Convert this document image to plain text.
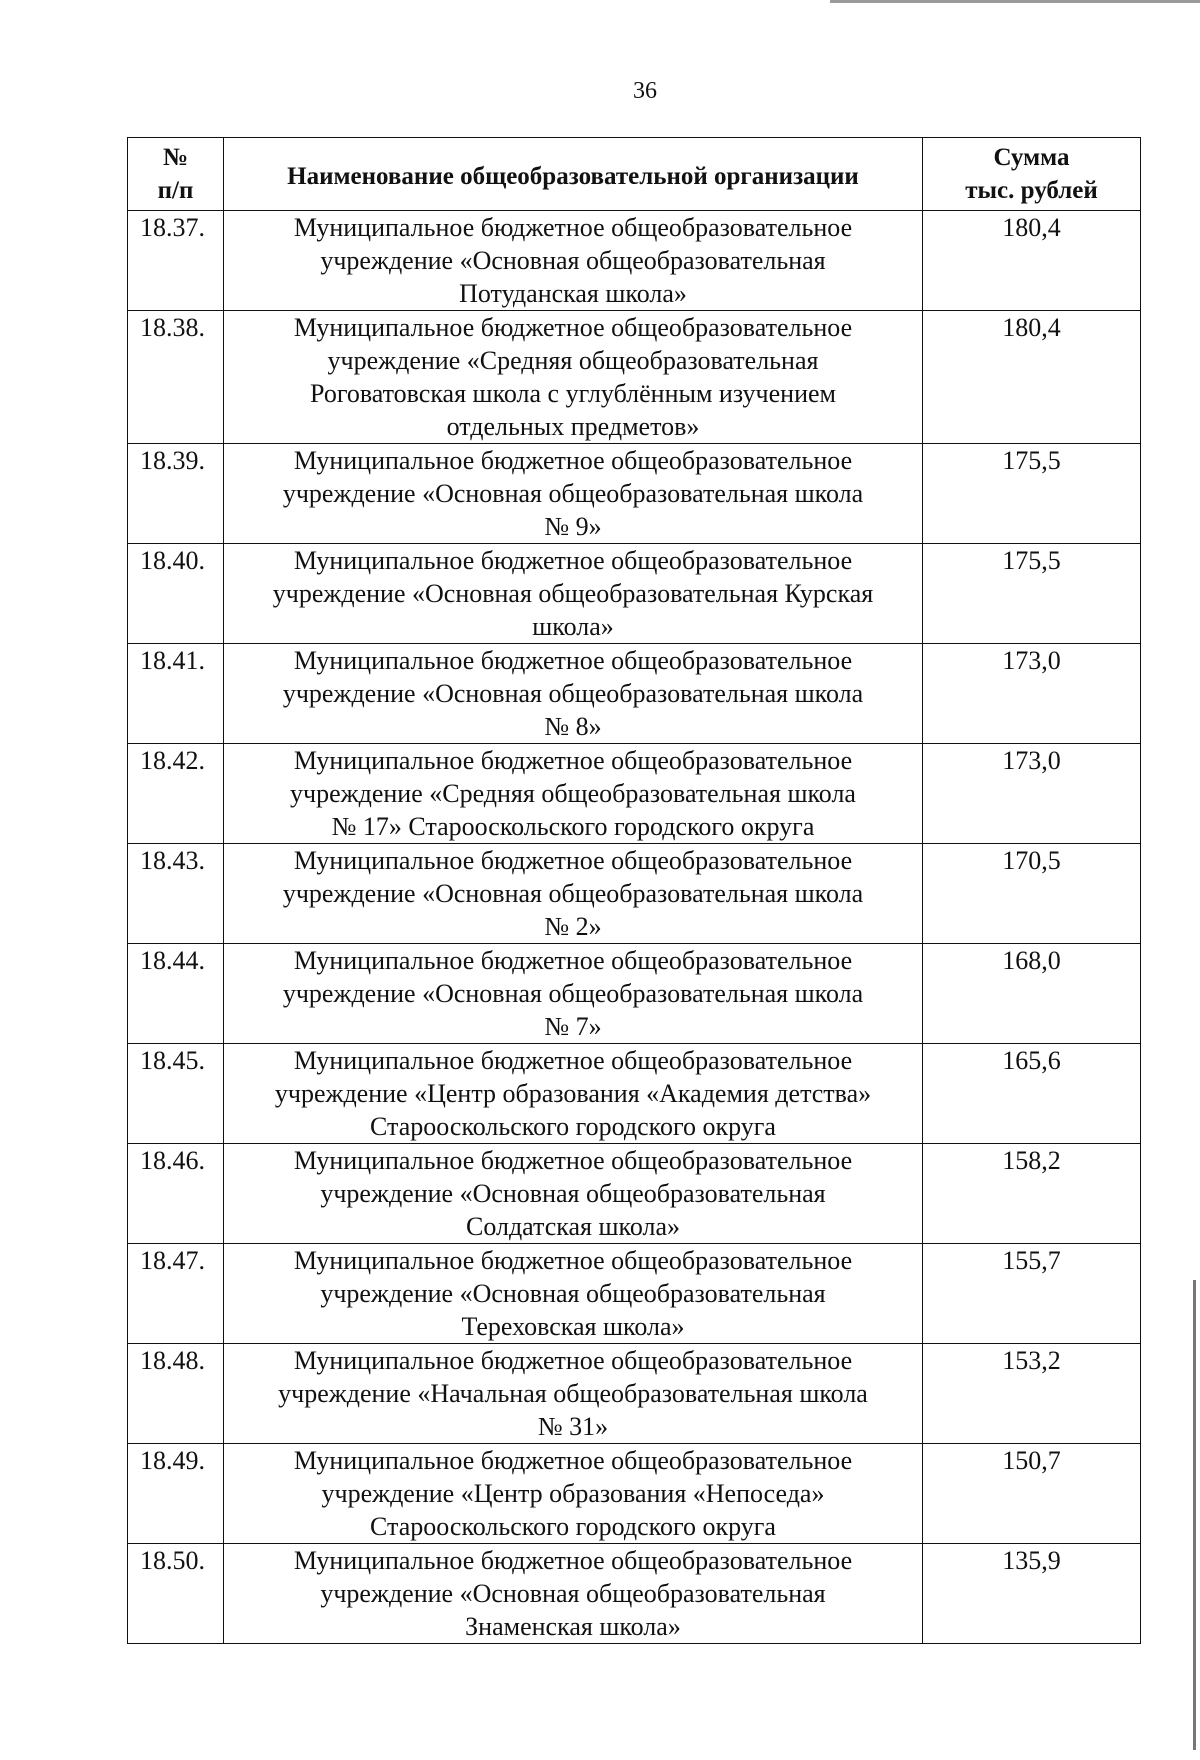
36
№
п/п	Наименование общеобразовательной организации	Сумма
тыс. рублей

18.37.	Муниципальное бюджетное общеобразовательное
учреждение «Основная общеобразовательная
Потуданская школа»	180,4
18.38.	Муниципальное бюджетное общеобразовательное
учреждение «Средняя общеобразовательная
Роговатовская школа с углублённым изучением
отдельных предметов»	180,4
18.39.	Муниципальное бюджетное общеобразовательное
учреждение «Основная общеобразовательная школа
№ 9»	175,5
18.40.	Муниципальное бюджетное общеобразовательное
учреждение «Основная общеобразовательная Курская
школа»	175,5
18.41.	Муниципальное бюджетное общеобразовательное
учреждение «Основная общеобразовательная школа
№ 8»	173,0
18.42.	Муниципальное бюджетное общеобразовательное
учреждение «Средняя общеобразовательная школа
№ 17» Старооскольского городского округа	173,0
18.43.	Муниципальное бюджетное общеобразовательное
учреждение «Основная общеобразовательная школа
№ 2»	170,5
18.44.	Муниципальное бюджетное общеобразовательное
учреждение «Основная общеобразовательная школа
№ 7»	168,0
18.45.	Муниципальное бюджетное общеобразовательное
учреждение «Центр образования «Академия детства»
Старооскольского городского округа	165,6
18.46.	Муниципальное бюджетное общеобразовательное
учреждение «Основная общеобразовательная
Солдатская школа»	158,2
18.47.	Муниципальное бюджетное общеобразовательное
учреждение «Основная общеобразовательная
Тереховская школа»	155,7
18.48.	Муниципальное бюджетное общеобразовательное
учреждение «Начальная общеобразовательная школа
№ 31»	153,2
18.49.	Муниципальное бюджетное общеобразовательное
учреждение «Центр образования «Непоседа»
Старооскольского городского округа	150,7
18.50.	Муниципальное бюджетное общеобразовательное
учреждение «Основная общеобразовательная
Знаменская школа»	135,9
